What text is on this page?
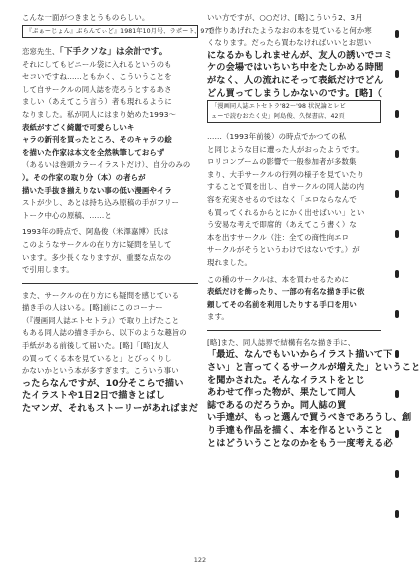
こんな一面がつきまとうものらしい。
『ぷぁーじょん』ぶらんてぃど』1981年10月号、ラポート、97頁
恋窓先生、「下手クソな」は余計です。
それにしてもビニール袋に入れるというのも
セコいですね……ともかく、こういうことを
して自サークルの同人誌を売ろうとするあさ
ましい（あえてこう言う）者も現れるように
なりました。私が同人にはまり始めた1993〜
表紙がすごく綺麗で可愛らしいキ
ャラの新刊を買ったところ、そのキャラの絵
を描いた作家は本文を全然執筆しておらず
（あるいは巻頭カラーイラストだけ）、自分のみの
）。その作家の取り分（本）の者らが
描いた手抜き揃えりない事の低い漫画やイラ
ストが少し、あとは持ち込み原稿の手がフリー
トーク中心の原稿、……と
1993年の時点で、阿島俊（米澤嘉博）氏は
このようなサークルの在り方に疑問を呈して
います。多少長くなりますが、重要な点なの
で引用します。
また、サークルの在り方にも疑問を感じている
描き手の人はいる。[略]前にこのコーナー
（『漫画同人誌エトセトラ』）で取り上げたこと
もある同人誌の描き手から、以下のような趣旨の
手紙がある前後して届いた。[略]「[略]友人
の買ってくる本を見ていると」とびっくりし
かないかという本が多すぎます。こういう事い
ったらなんですが、10分そこらで描い
たイラストや1日2日で描きとばし
たマンガ、それもストーリーがあればまだ
いい方ですが、○○だけ、[略]こういう2、3月
で作りあげれたようなおの本を見ていると何か寒
くなります。だったら買わなければいいとお思い
になるかもしれませんが、友人の誘いでコミ
ケの会場ではいちいち中をたしかめる時間
がなく、人の流れにそって表紙だけでどん
どん買ってしまうしかないのです。[略]（
「漫画同人誌エトセトラ'82〜'98 状況論とレビ
ューで読むおたく史」阿島俊、久保書店、42頁
……（1993年前後）の時点でかつての私
と同じような目に遭った人がおったようです。
ロリコンブームの影響で一般参加者が多数集
まり、大手サークルの行列の様子を見ていたり
することで買を出し、自サークルの同人誌の内
容を充実させるのではなく「エロならなんで
も買ってくれるからとにかく出せばいい」とい
う安易な考えで即席的（あえてこう書く）な
本を出すサークル（注：全ての商性向エロ
サークルがそうというわけではないです。）が
現れました。
この種のサークルは、本を買わせるために
表紙だけを飾ったり、一部の有名な描き手に依
頼してその名前を利用したりする手口を用い
ます。
[略]また、同人誌界で結構有名な描き手に、
「最近、なんでもいいからイラスト描いて下
さい」と言ってくるサークルが増えた」ということ
を聞かされた。そんなイラストをとじ
あわせて作った物が、果たして同人
誌であるのだろうか。同人誌の買
い手達が、もっと選んで買うべきであろうし、創
り手達も作品を描く、本を作るということ
とはどういうことなのかをもう一度考える必
122
